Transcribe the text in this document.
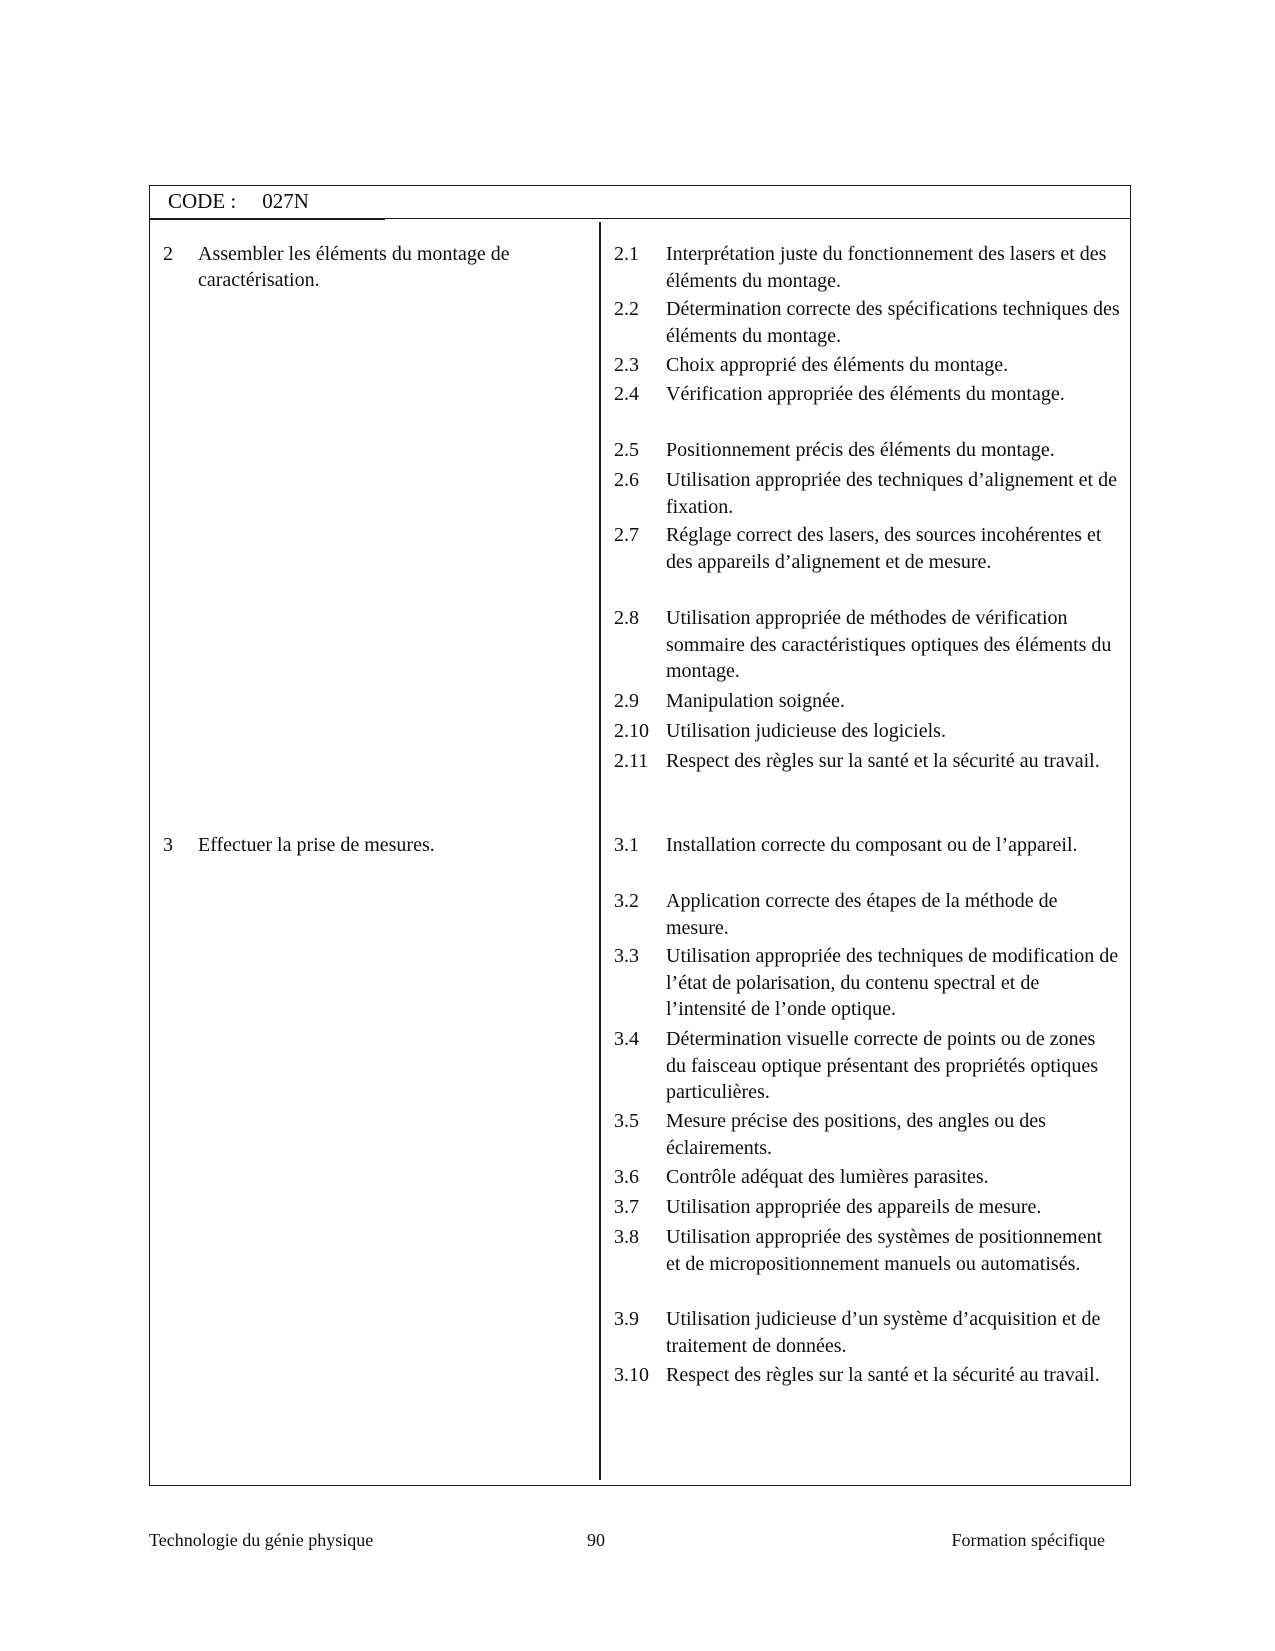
CODE : 027N
2 Assembler les éléments du montage de caractérisation.
3 Effectuer la prise de mesures.
2.1 Interprétation juste du fonctionnement des lasers et des éléments du montage.
2.2 Détermination correcte des spécifications techniques des éléments du montage.
2.3 Choix approprié des éléments du montage.
2.4 Vérification appropriée des éléments du montage.
2.5 Positionnement précis des éléments du montage.
2.6 Utilisation appropriée des techniques d’alignement et de fixation.
2.7 Réglage correct des lasers, des sources incohérentes et des appareils d’alignement et de mesure.
2.8 Utilisation appropriée de méthodes de vérification sommaire des caractéristiques optiques des éléments du montage.
2.9 Manipulation soignée.
2.10 Utilisation judicieuse des logiciels.
2.11 Respect des règles sur la santé et la sécurité au travail.
3.1 Installation correcte du composant ou de l’appareil.
3.2 Application correcte des étapes de la méthode de mesure.
3.3 Utilisation appropriée des techniques de modification de l’état de polarisation, du contenu spectral et de l’intensité de l’onde optique.
3.4 Détermination visuelle correcte de points ou de zones du faisceau optique présentant des propriétés optiques particulières.
3.5 Mesure précise des positions, des angles ou des éclairements.
3.6 Contrôle adéquat des lumières parasites.
3.7 Utilisation appropriée des appareils de mesure.
3.8 Utilisation appropriée des systèmes de positionnement et de micropositionnement manuels ou automatisés.
3.9 Utilisation judicieuse d’un système d’acquisition et de traitement de données.
3.10 Respect des règles sur la santé et la sécurité au travail.
Technologie du génie physique	90	Formation spécifique
